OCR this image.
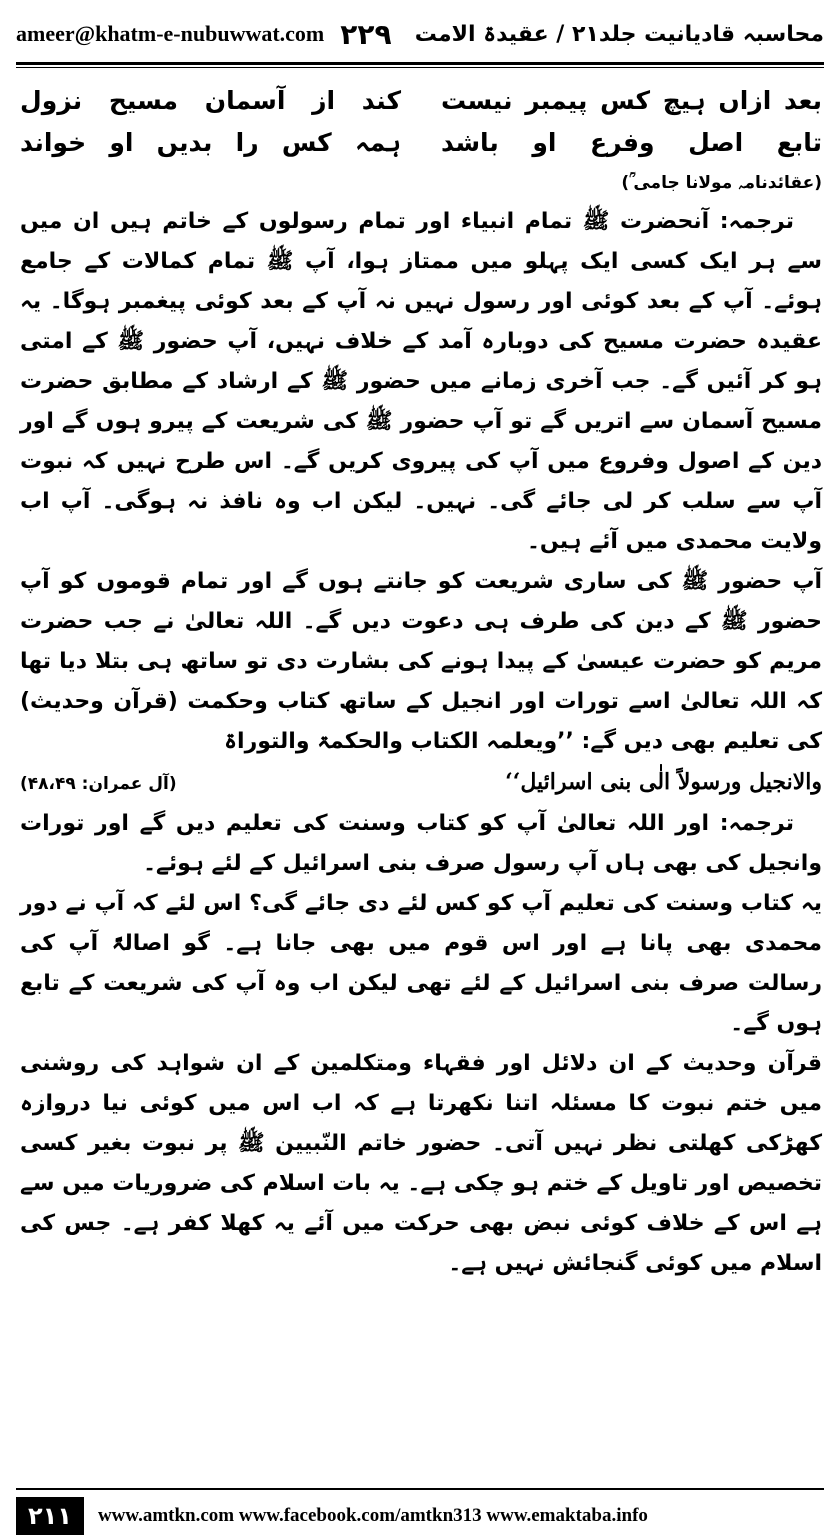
ameer@khatm-e-nubuwwat.com ۲۲۹ محاسبہ قادیانیت جلد۲۱ / عقیدۃ الامت
بعد ازاں ہیچ کس پیمبر نیست
کند از آسمان مسیح نزول
تابع اصل وفرع او باشد
ہمہ کس را بدیں او خواند
(عقائدنامہ مولانا جامی ؒ)

ترجمہ: آنحضرت ﷺ تمام انبیاء اور تمام رسولوں کے خاتم ہیں ان میں سے ہر ایک کسی ایک پہلو میں ممتاز ہوا، آپ ﷺ تمام کمالات کے جامع ہوئے۔ آپ کے بعد کوئی اور رسول نہیں نہ آپ کے بعد کوئی پیغمبر ہوگا۔ یہ عقیدہ حضرت مسیح کی دوبارہ آمد کے خلاف نہیں، آپ حضور ﷺ کے امتی ہو کر آئیں گے۔ جب آخری زمانے میں حضور ﷺ کے ارشاد کے مطابق حضرت مسیح آسمان سے اتریں گے تو آپ حضور ﷺ کی شریعت کے پیرو ہوں گے اور دین کے اصول وفروع میں آپ کی پیروی کریں گے۔ اس طرح نہیں کہ نبوت آپ سے سلب کر لی جائے گی۔ نہیں۔ لیکن اب وہ نافذ نہ ہوگی۔ آپ اب ولایت محمدی میں آئے ہیں۔

آپ حضور ﷺ کی ساری شریعت کو جانتے ہوں گے اور تمام قوموں کو آپ حضور ﷺ کے دین کی طرف ہی دعوت دیں گے۔ اللہ تعالیٰ نے جب حضرت مریم کو حضرت عیسیٰ کے پیدا ہونے کی بشارت دی تو ساتھ ہی بتلا دیا تھا کہ اللہ تعالیٰ اسے تورات اور انجیل کے ساتھ کتاب وحکمت (قرآن وحدیث) کی تعلیم بھی دیں گے: ’’ویعلمہ الکتاب والحکمۃ والتوراۃ

والانجیل ورسولاً الٰی بنی اسرائیل‘‘
(آل عمران: ۴۸،۴۹)

ترجمہ: اور اللہ تعالیٰ آپ کو کتاب وسنت کی تعلیم دیں گے اور تورات وانجیل کی بھی ہاں آپ رسول صرف بنی اسرائیل کے لئے ہوئے۔

یہ کتاب وسنت کی تعلیم آپ کو کس لئے دی جائے گی؟ اس لئے کہ آپ نے دور محمدی بھی پانا ہے اور اس قوم میں بھی جانا ہے۔ گو اصالۃً آپ کی رسالت صرف بنی اسرائیل کے لئے تھی لیکن اب وہ آپ کی شریعت کے تابع ہوں گے۔

قرآن وحدیث کے ان دلائل اور فقہاء ومتکلمین کے ان شواہد کی روشنی میں ختم نبوت کا مسئلہ اتنا نکھرتا ہے کہ اب اس میں کوئی نیا دروازہ کھڑکی کھلتی نظر نہیں آتی۔ حضور خاتم النّبیین ﷺ پر نبوت بغیر کسی تخصیص اور تاویل کے ختم ہو چکی ہے۔ یہ بات اسلام کی ضروریات میں سے ہے اس کے خلاف کوئی نبض بھی حرکت میں آئے یہ کھلا کفر ہے۔ جس کی اسلام میں کوئی گنجائش نہیں ہے۔

۲۱۱	www.amtkn.com www.facebook.com/amtkn313 www.emaktaba.info
